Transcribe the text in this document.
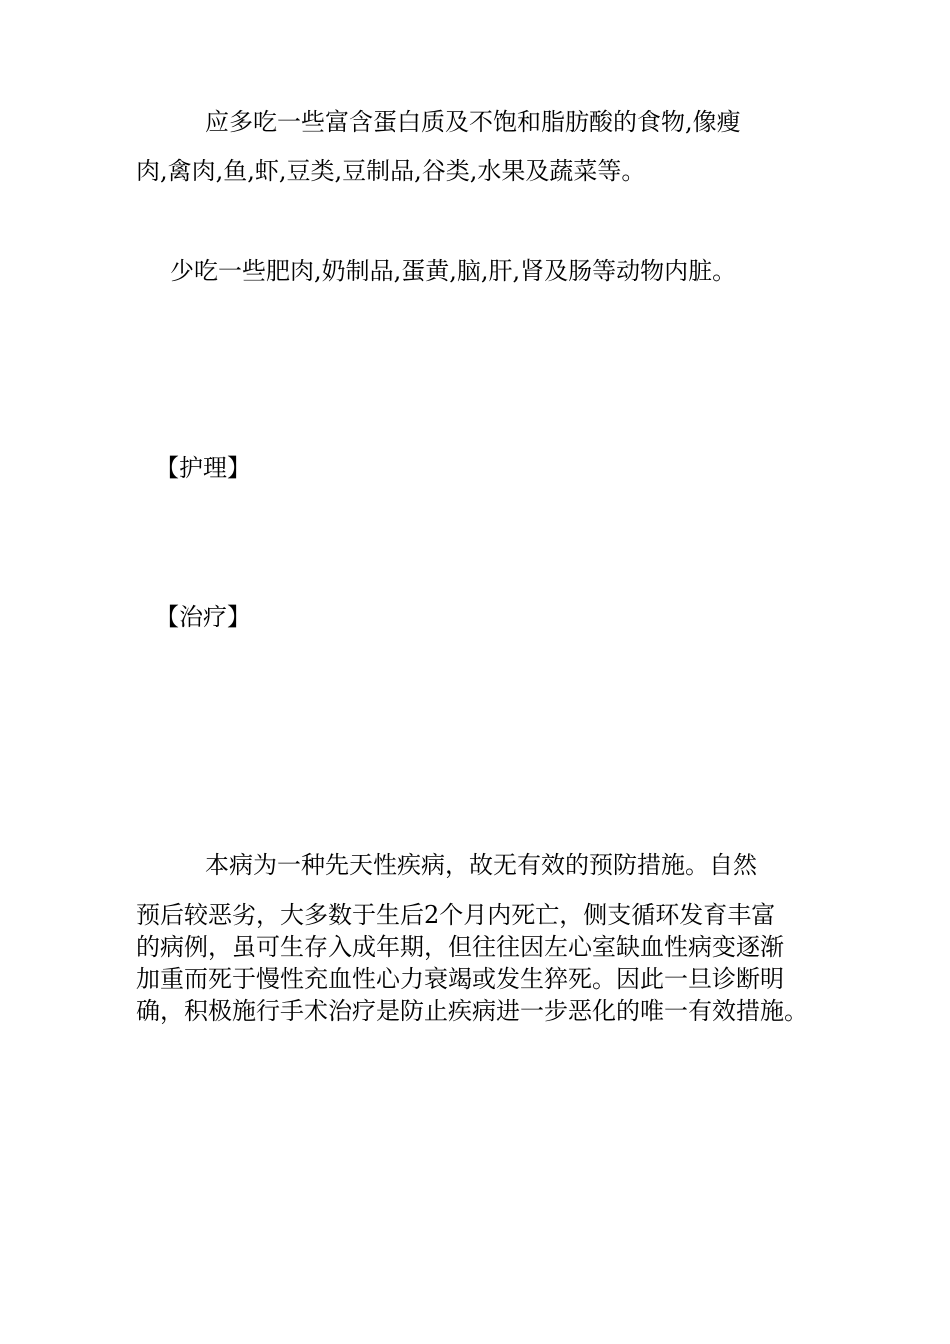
应多吃一些富含蛋白质及不饱和脂肪酸的食物,像瘦
肉,禽肉,鱼,虾,豆类,豆制品,谷类,水果及蔬菜等。
少吃一些肥肉,奶制品,蛋黄,脑,肝,肾及肠等动物内脏。
【护理】
【治疗】
本病为一种先天性疾病，故无有效的预防措施。自然
预后较恶劣，大多数于生后2个月内死亡，侧支循环发育丰富
的病例，虽可生存入成年期，但往往因左心室缺血性病变逐渐
加重而死于慢性充血性心力衰竭或发生猝死。因此一旦诊断明
确，积极施行手术治疗是防止疾病进一步恶化的唯一有效措施。
